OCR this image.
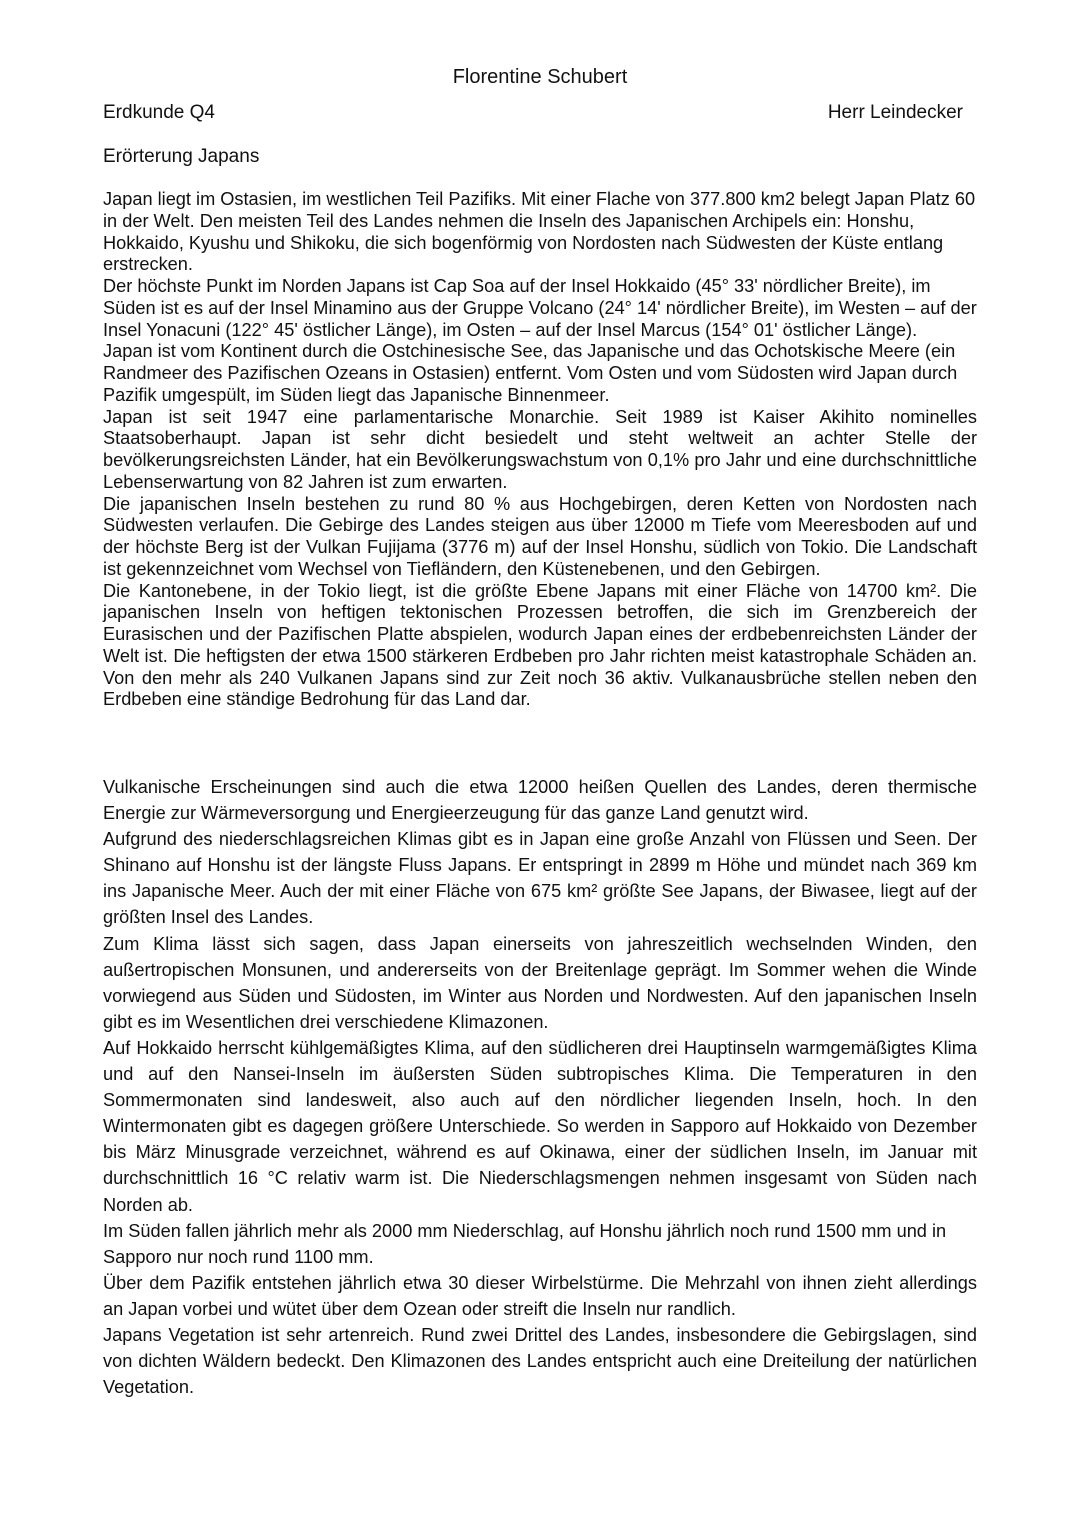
Florentine Schubert
Erdkunde Q4	Herr Leindecker
Erörterung Japans

Japan liegt im Ostasien, im westlichen Teil Pazifiks. Mit einer Flache von 377.800 km2 belegt Japan Platz 60 in der Welt. Den meisten Teil des Landes nehmen die Inseln des Japanischen Archipels ein: Honshu, Hokkaido, Kyushu und Shikoku, die sich bogenförmig von Nordosten nach Südwesten der Küste entlang erstrecken.

Der höchste Punkt im Norden Japans ist Cap Soa auf der Insel Hokkaido (45° 33' nördlicher Breite), im Süden ist es auf der Insel Minamino aus der Gruppe Volcano (24° 14' nördlicher Breite), im Westen – auf der Insel Yonacuni (122° 45' östlicher Länge), im Osten – auf der Insel Marcus (154° 01' östlicher Länge).

Japan ist vom Kontinent durch die Ostchinesische See, das Japanische und das Ochotskische Meere (ein Randmeer des Pazifischen Ozeans in Ostasien) entfernt. Vom Osten und vom Südosten wird Japan durch Pazifik umgespült, im Süden liegt das Japanische Binnenmeer.

Japan ist seit 1947 eine parlamentarische Monarchie. Seit 1989 ist Kaiser Akihito nominelles Staatsoberhaupt. Japan ist sehr dicht besiedelt und steht weltweit an achter Stelle der bevölkerungsreichsten Länder, hat ein Bevölkerungswachstum von 0,1% pro Jahr und eine durchschnittliche Lebenserwartung von 82 Jahren ist zum erwarten.

Die japanischen Inseln bestehen zu rund 80 % aus Hochgebirgen, deren Ketten von Nordosten nach Südwesten verlaufen. Die Gebirge des Landes steigen aus über 12000 m Tiefe vom Meeresboden auf und der höchste Berg ist der Vulkan Fujijama (3776 m) auf der Insel Honshu, südlich von Tokio. Die Landschaft ist gekennzeichnet vom Wechsel von Tiefländern, den Küstenebenen, und den Gebirgen.

Die Kantonebene, in der Tokio liegt, ist die größte Ebene Japans mit einer Fläche von 14700 km². Die japanischen Inseln von heftigen tektonischen Prozessen betroffen, die sich im Grenzbereich der Eurasischen und der Pazifischen Platte abspielen, wodurch Japan eines der erdbebenreichsten Länder der Welt ist. Die heftigsten der etwa 1500 stärkeren Erdbeben pro Jahr richten meist katastrophale Schäden an. Von den mehr als 240 Vulkanen Japans sind zur Zeit noch 36 aktiv. Vulkanausbrüche stellen neben den Erdbeben eine ständige Bedrohung für das Land dar.

Vulkanische Erscheinungen sind auch die etwa 12000 heißen Quellen des Landes, deren thermische Energie zur Wärmeversorgung und Energieerzeugung für das ganze Land genutzt wird.

Aufgrund des niederschlagsreichen Klimas gibt es in Japan eine große Anzahl von Flüssen und Seen. Der Shinano auf Honshu ist der längste Fluss Japans. Er entspringt in 2899 m Höhe und mündet nach 369 km ins Japanische Meer. Auch der mit einer Fläche von 675 km² größte See Japans, der Biwasee, liegt auf der größten Insel des Landes.

Zum Klima lässt sich sagen, dass Japan einerseits von jahreszeitlich wechselnden Winden, den außertropischen Monsunen, und andererseits von der Breitenlage geprägt. Im Sommer wehen die Winde vorwiegend aus Süden und Südosten, im Winter aus Norden und Nordwesten. Auf den japanischen Inseln gibt es im Wesentlichen drei verschiedene Klimazonen.

Auf Hokkaido herrscht kühlgemäßigtes Klima, auf den südlicheren drei Hauptinseln warmgemäßigtes Klima und auf den Nansei-Inseln im äußersten Süden subtropisches Klima. Die Temperaturen in den Sommermonaten sind landesweit, also auch auf den nördlicher liegenden Inseln, hoch. In den Wintermonaten gibt es dagegen größere Unterschiede. So werden in Sapporo auf Hokkaido von Dezember bis März Minusgrade verzeichnet, während es auf Okinawa, einer der südlichen Inseln, im Januar mit durchschnittlich 16 °C relativ warm ist. Die Niederschlagsmengen nehmen insgesamt von Süden nach Norden ab.

Im Süden fallen jährlich mehr als 2000 mm Niederschlag, auf Honshu jährlich noch rund 1500 mm und in Sapporo nur noch rund 1100 mm.

Über dem Pazifik entstehen jährlich etwa 30 dieser Wirbelstürme. Die Mehrzahl von ihnen zieht allerdings an Japan vorbei und wütet über dem Ozean oder streift die Inseln nur randlich.

Japans Vegetation ist sehr artenreich. Rund zwei Drittel des Landes, insbesondere die Gebirgslagen, sind von dichten Wäldern bedeckt. Den Klimazonen des Landes entspricht auch eine Dreiteilung der natürlichen Vegetation.
